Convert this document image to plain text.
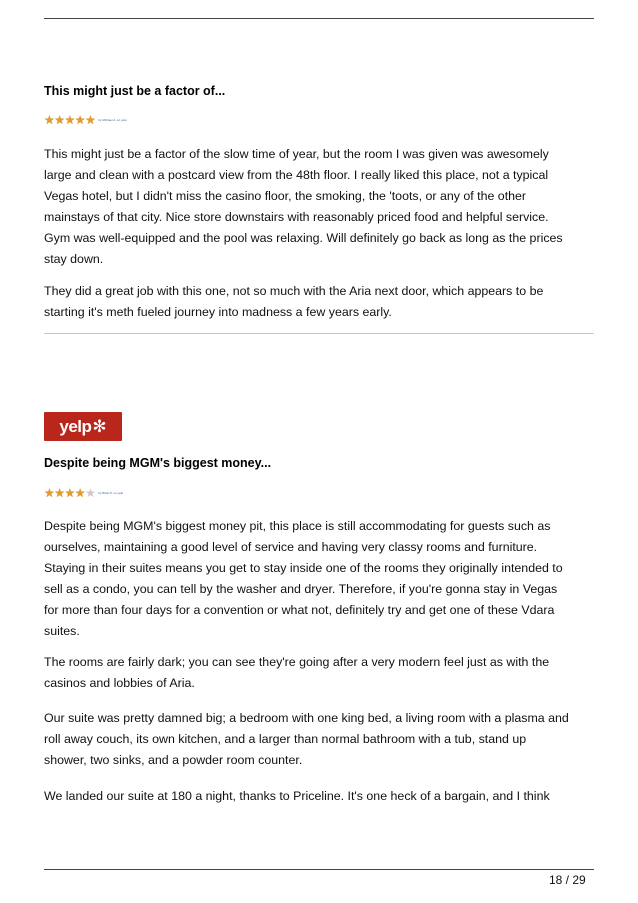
This might just be a factor of...
★★★★★ by Michael A. on yelp
This might just be a factor of the slow time of year, but the room I was given was awesomely
large and clean with a postcard view from the 48th floor. I really liked this place, not a typical
Vegas hotel, but I didn't miss the casino floor, the smoking, the 'toots, or any of the other
mainstays of that city. Nice store downstairs with reasonably priced food and helpful service.
Gym was well-equipped and the pool was relaxing. Will definitely go back as long as the prices
stay down.
They did a great job with this one, not so much with the Aria next door, which appears to be
starting it's meth fueled journey into madness a few years early.
yelp ✻
Despite being MGM's biggest money...
★★★★★ by Brian P. on yelp
Despite being MGM's biggest money pit, this place is still accommodating for guests such as
ourselves, maintaining a good level of service and having very classy rooms and furniture.
Staying in their suites means you get to stay inside one of the rooms they originally intended to
sell as a condo, you can tell by the washer and dryer. Therefore, if you're gonna stay in Vegas
for more than four days for a convention or what not, definitely try and get one of these Vdara
suites.
The rooms are fairly dark; you can see they're going after a very modern feel just as with the
casinos and lobbies of Aria.
Our suite was pretty damned big; a bedroom with one king bed, a living room with a plasma and
roll away couch, its own kitchen, and a larger than normal bathroom with a tub, stand up
shower, two sinks, and a powder room counter.
We landed our suite at 180 a night, thanks to Priceline. It's one heck of a bargain, and I think
18 / 29
